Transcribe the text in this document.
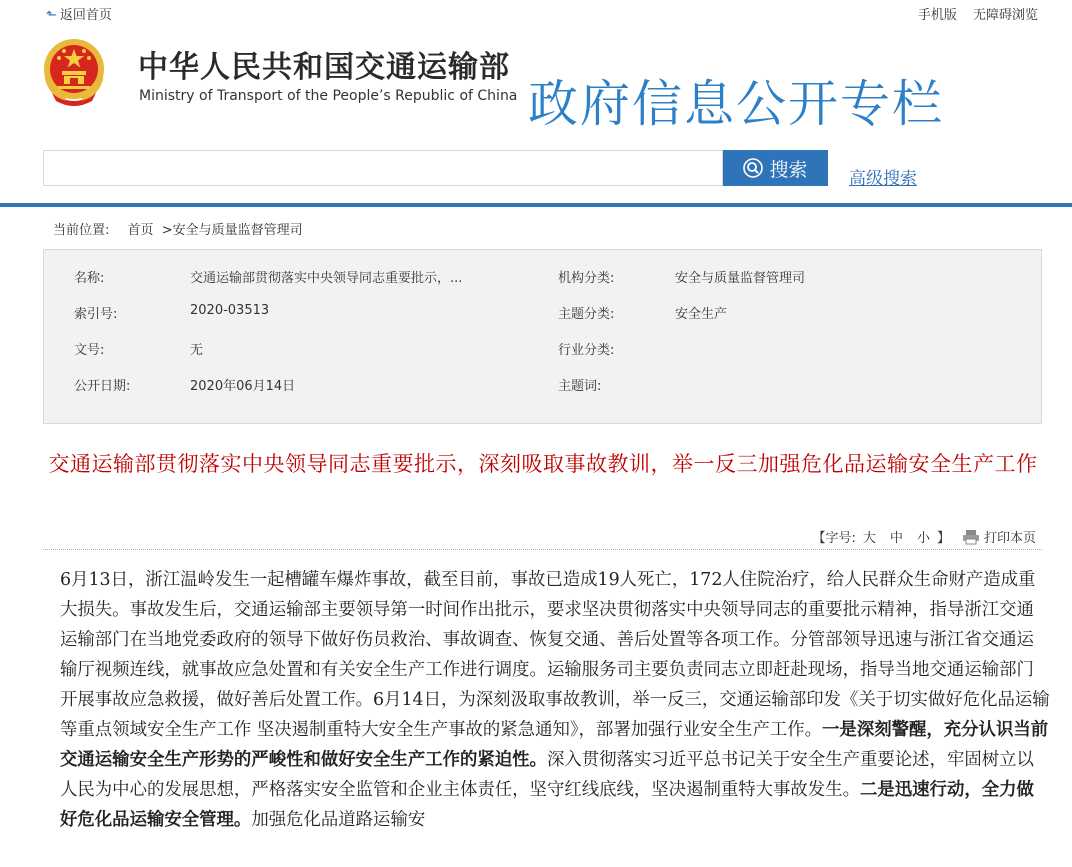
⬑ 返回首页	手机版 无障碍浏览
中华人民共和国交通运输部
Ministry of Transport of the People’s Republic of China 政府信息公开专栏
搜索 高级搜索
当前位置: 首页 >安全与质量监督管理司
名称:	交通运输部贯彻落实中央领导同志重要批示，...	机构分类:	安全与质量监督管理司
索引号:	2020-03513	主题分类:	安全生产
文号:	无	行业分类:
公开日期:	2020年06月14日	主题词:
交通运输部贯彻落实中央领导同志重要批示，深刻吸取事故教训，举一反三加强危化品运输安全生产工作
【字号: 大 中 小 】	打印本页

6月13日，浙江温岭发生一起槽罐车爆炸事故，截至目前，事故已造成19人死亡，172人住院治疗，给人民群众生命财产造成重大损失。事故发生后，交通运输部主要领导第一时间作出批示，要求坚决贯彻落实中央领导同志的重要批示精神，指导浙江交通运输部门在当地党委政府的领导下做好伤员救治、事故调查、恢复交通、善后处置等各项工作。分管部领导迅速与浙江省交通运输厅视频连线，就事故应急处置和有关安全生产工作进行调度。运输服务司主要负责同志立即赶赴现场，指导当地交通运输部门开展事故应急救援，做好善后处置工作。6月14日，为深刻汲取事故教训，举一反三，交通运输部印发《关于切实做好危化品运输等重点领域安全生产工作 坚决遏制重特大安全生产事故的紧急通知》，部署加强行业安全生产工作。一是深刻警醒，充分认识当前交通运输安全生产形势的严峻性和做好安全生产工作的紧迫性。深入贯彻落实习近平总书记关于安全生产重要论述，牢固树立以人民为中心的发展思想，严格落实安全监管和企业主体责任，坚守红线底线，坚决遏制重特大事故发生。二是迅速行动，全力做好危化品运输安全管理。加强危化品道路运输安
